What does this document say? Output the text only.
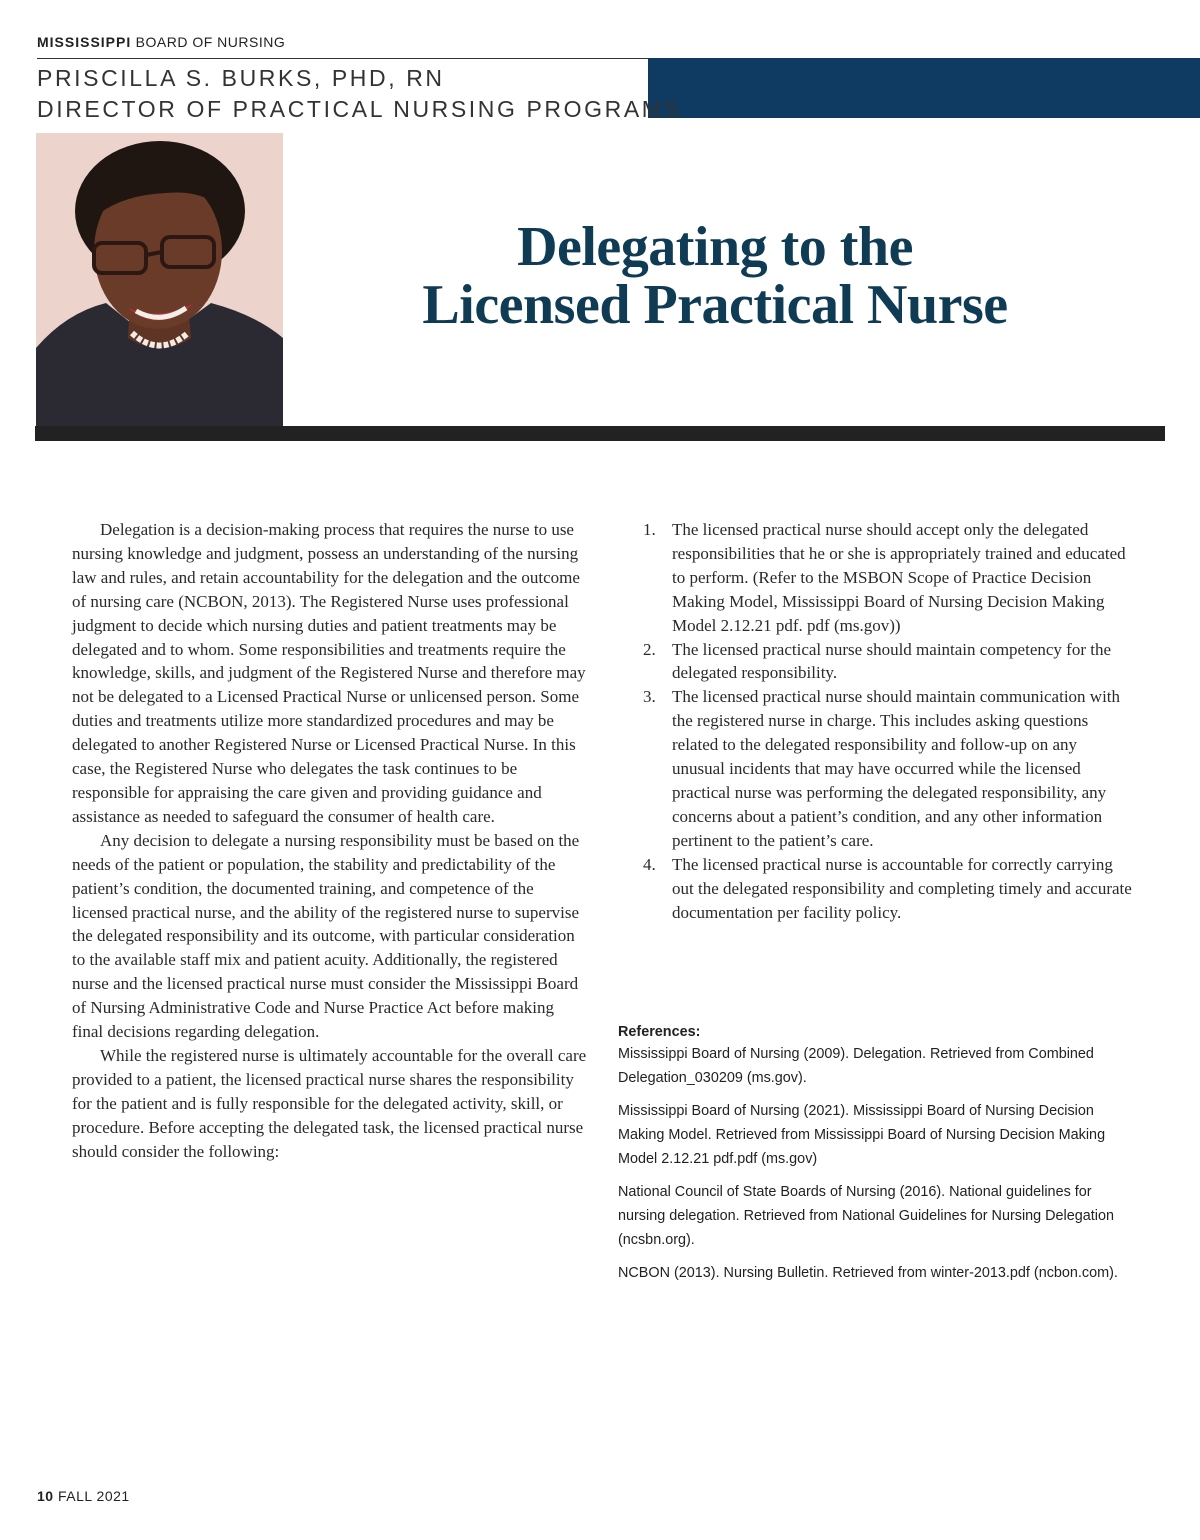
MISSISSIPPI BOARD OF NURSING
PRISCILLA S. BURKS, PHD, RN
DIRECTOR OF PRACTICAL NURSING PROGRAMS
Delegating to the
Licensed Practical Nurse

Delegation is a decision-making process that requires the nurse to use nursing knowledge and judgment, possess an understanding of the nursing law and rules, and retain accountability for the delegation and the outcome of nursing care (NCBON, 2013). The Registered Nurse uses professional judgment to decide which nursing duties and patient treatments may be delegated and to whom. Some responsibilities and treatments require the knowledge, skills, and judgment of the Registered Nurse and therefore may not be delegated to a Licensed Practical Nurse or unlicensed person. Some duties and treatments utilize more standardized procedures and may be delegated to another Registered Nurse or Licensed Practical Nurse. In this case, the Registered Nurse who delegates the task continues to be responsible for appraising the care given and providing guidance and assistance as needed to safeguard the consumer of health care.

Any decision to delegate a nursing responsibility must be based on the needs of the patient or population, the stability and predictability of the patient’s condition, the documented training, and competence of the licensed practical nurse, and the ability of the registered nurse to supervise the delegated responsibility and its outcome, with particular consideration to the available staff mix and patient acuity. Additionally, the registered nurse and the licensed practical nurse must consider the Mississippi Board of Nursing Administrative Code and Nurse Practice Act before making final decisions regarding delegation.

While the registered nurse is ultimately accountable for the overall care provided to a patient, the licensed practical nurse shares the responsibility for the patient and is fully responsible for the delegated activity, skill, or procedure. Before accepting the delegated task, the licensed practical nurse should consider the following:

1. The licensed practical nurse should accept only the delegated responsibilities that he or she is appropriately trained and educated to perform. (Refer to the MSBON Scope of Practice Decision Making Model, Mississippi Board of Nursing Decision Making Model 2.12.21 pdf. pdf (ms.gov))
2. The licensed practical nurse should maintain competency for the delegated responsibility.
3. The licensed practical nurse should maintain communication with the registered nurse in charge. This includes asking questions related to the delegated responsibility and follow-up on any unusual incidents that may have occurred while the licensed practical nurse was performing the delegated responsibility, any concerns about a patient’s condition, and any other information pertinent to the patient’s care.
4. The licensed practical nurse is accountable for correctly carrying out the delegated responsibility and completing timely and accurate documentation per facility policy.
References:

Mississippi Board of Nursing (2009). Delegation. Retrieved from Combined Delegation_030209 (ms.gov).

Mississippi Board of Nursing (2021). Mississippi Board of Nursing Decision Making Model. Retrieved from Mississippi Board of Nursing Decision Making Model 2.12.21 pdf.pdf (ms.gov)

National Council of State Boards of Nursing (2016). National guidelines for nursing delegation. Retrieved from National Guidelines for Nursing Delegation (ncsbn.org).

NCBON (2013). Nursing Bulletin. Retrieved from winter-2013.pdf (ncbon.com).

10 FALL 2021
